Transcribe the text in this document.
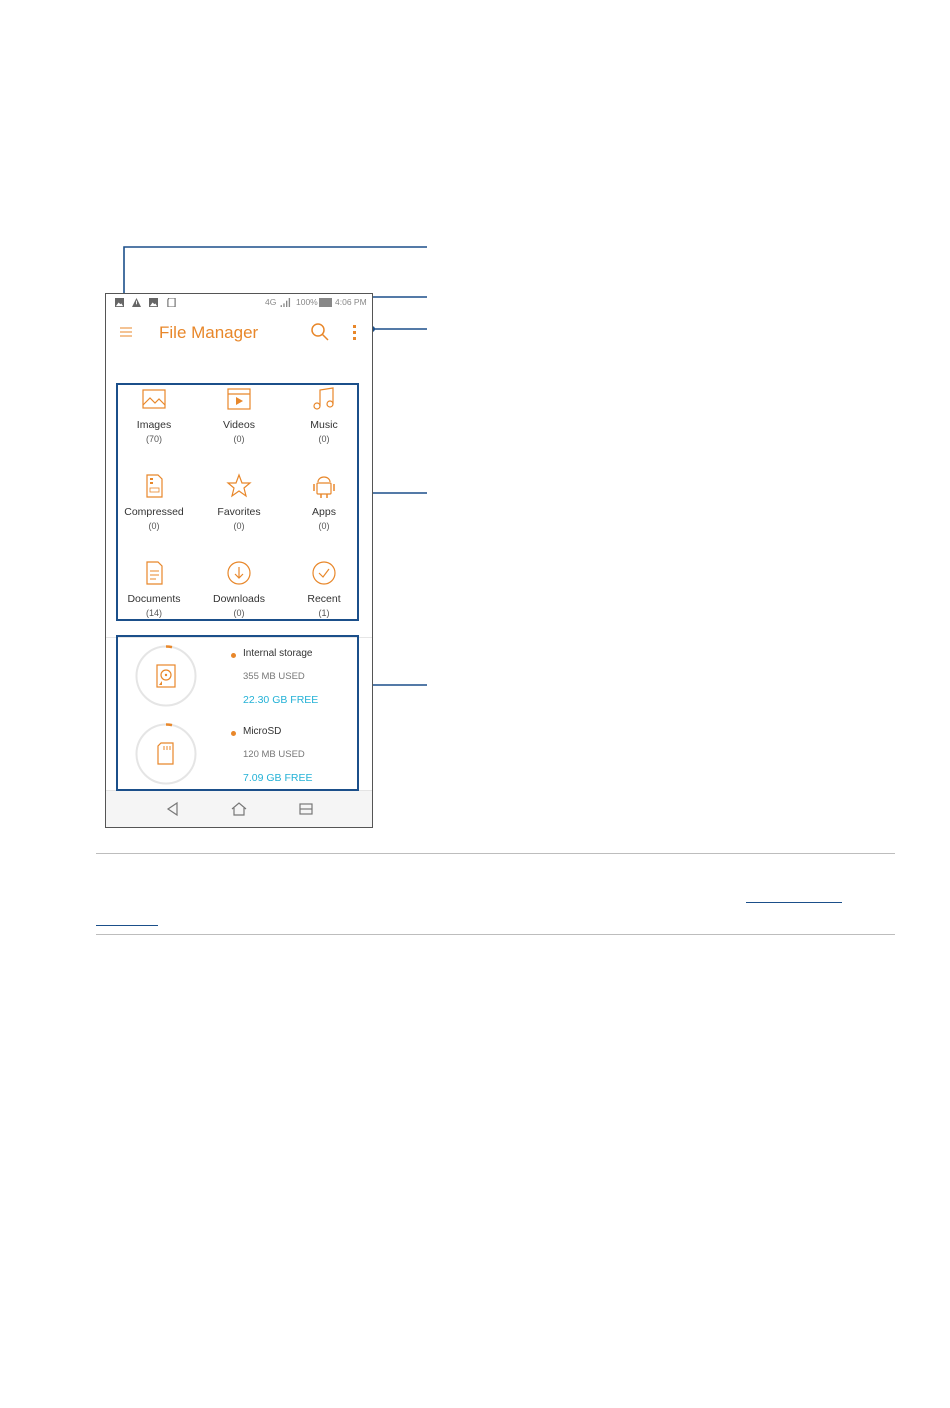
4G 100% 4:06 PM
File Manager
Images
(70)
Videos
(0)
Music
(0)
Compressed
(0)
Favorites
(0)
Apps
(0)
Documents
(14)
Downloads
(0)
Recent
(1)
Internal storage
355 MB USED
22.30 GB FREE
MicroSD
120 MB USED
7.09 GB FREE
